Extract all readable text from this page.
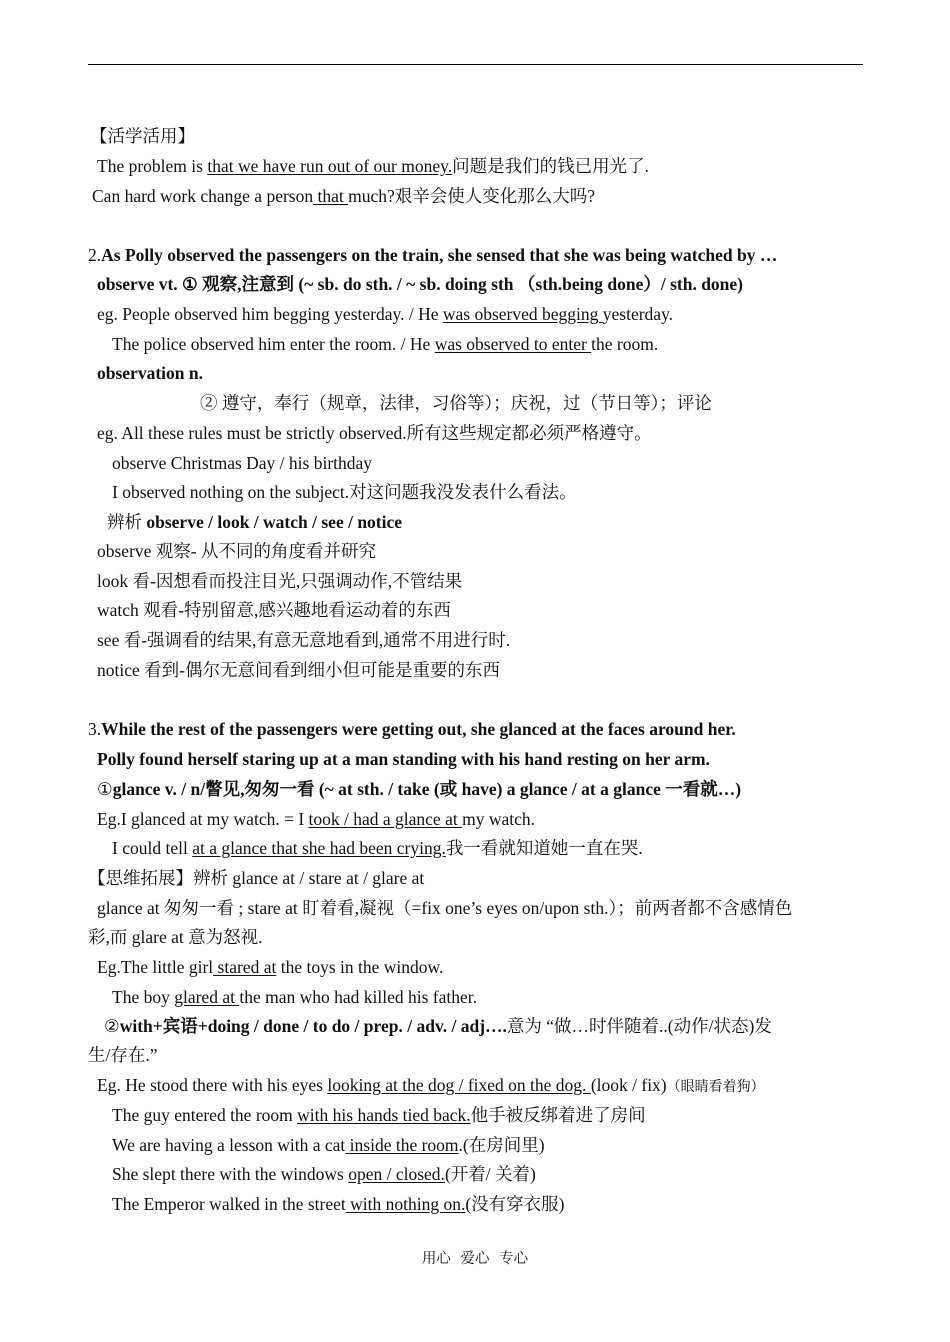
【活学活用】
The problem is that we have run out of our money.问题是我们的钱已用光了.
Can hard work change a person that much?艰辛会使人变化那么大吗?
2.As Polly observed the passengers on the train, she sensed that she was being watched by …
observe vt. ① 观察,注意到 (~ sb. do sth. / ~ sb. doing sth （sth.being done）/ sth. done)
eg. People observed him begging yesterday. / He was observed begging yesterday.
The police observed him enter the room. / He was observed to enter the room.
observation n.
② 遵守，奉行（规章，法律，习俗等）；庆祝，过（节日等）；评论
eg. All these rules must be strictly observed.所有这些规定都必须严格遵守。
observe Christmas Day / his birthday
I observed nothing on the subject.对这问题我没发表什么看法。
辨析 observe / look / watch / see / notice
observe 观察- 从不同的角度看并研究
look 看-因想看而投注目光,只强调动作,不管结果
watch 观看-特别留意,感兴趣地看运动着的东西
see 看-强调看的结果,有意无意地看到,通常不用进行时.
notice 看到-偶尔无意间看到细小但可能是重要的东西
3.While the rest of the passengers were getting out, she glanced at the faces around her.
Polly found herself staring up at a man standing with his hand resting on her arm.
①glance v. / n/瞥见,匆匆一看 (~ at sth. / take (或 have) a glance / at a glance 一看就…)
Eg.I glanced at my watch. = I took / had a glance at my watch.
I could tell at a glance that she had been crying.我一看就知道她一直在哭.
【思维拓展】辨析 glance at / stare at / glare at
glance at 匆匆一看 ; stare at 盯着看,凝视（=fix one’s eyes on/upon sth.）；前两者都不含感情色
彩,而 glare at 意为怒视.
Eg.The little girl stared at the toys in the window.
The boy glared at the man who had killed his father.
②with+宾语+doing / done / to do / prep. / adv. / adj….意为 “做…时伴随着..(动作/状态)发
生/存在.”
Eg. He stood there with his eyes looking at the dog / fixed on the dog. (look / fix)（眼睛看着狗）
The guy entered the room with his hands tied back.他手被反绑着进了房间
We are having a lesson with a cat inside the room.(在房间里)
She slept there with the windows open / closed.(开着/ 关着)
The Emperor walked in the street with nothing on.(没有穿衣服)
用心 爱心 专心
